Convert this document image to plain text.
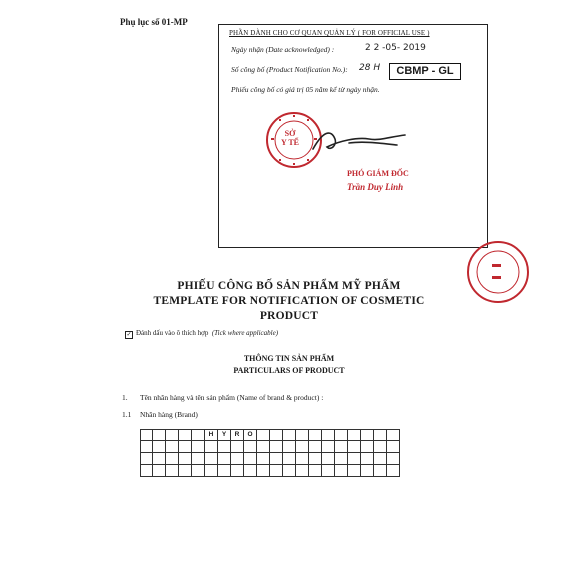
Phụ lục số 01-MP
PHẦN DÀNH CHO CƠ QUAN QUẢN LÝ ( FOR OFFICIAL USE )
Ngày nhận (Date acknowledged) :	2 2 -05- 2019
Số công bố (Product Notification No.): 28 H	CBMP - GL
Phiếu công bố có giá trị 05 năm kể từ ngày nhận.
SỞ
Y TẾ
PHÓ GIÁM ĐỐC
Trần Duy Linh
PHIẾU CÔNG BỐ SẢN PHẨM MỸ PHẨM
TEMPLATE FOR NOTIFICATION OF COSMETIC
PRODUCT
✓ Đánh dấu vào ô thích hợp (Tick where applicable)
THÔNG TIN SẢN PHẨM
PARTICULARS OF PRODUCT
1. Tên nhãn hàng và tên sản phẩm (Name of brand & product) :
1.1 Nhãn hàng (Brand)
H	Y	R	O
